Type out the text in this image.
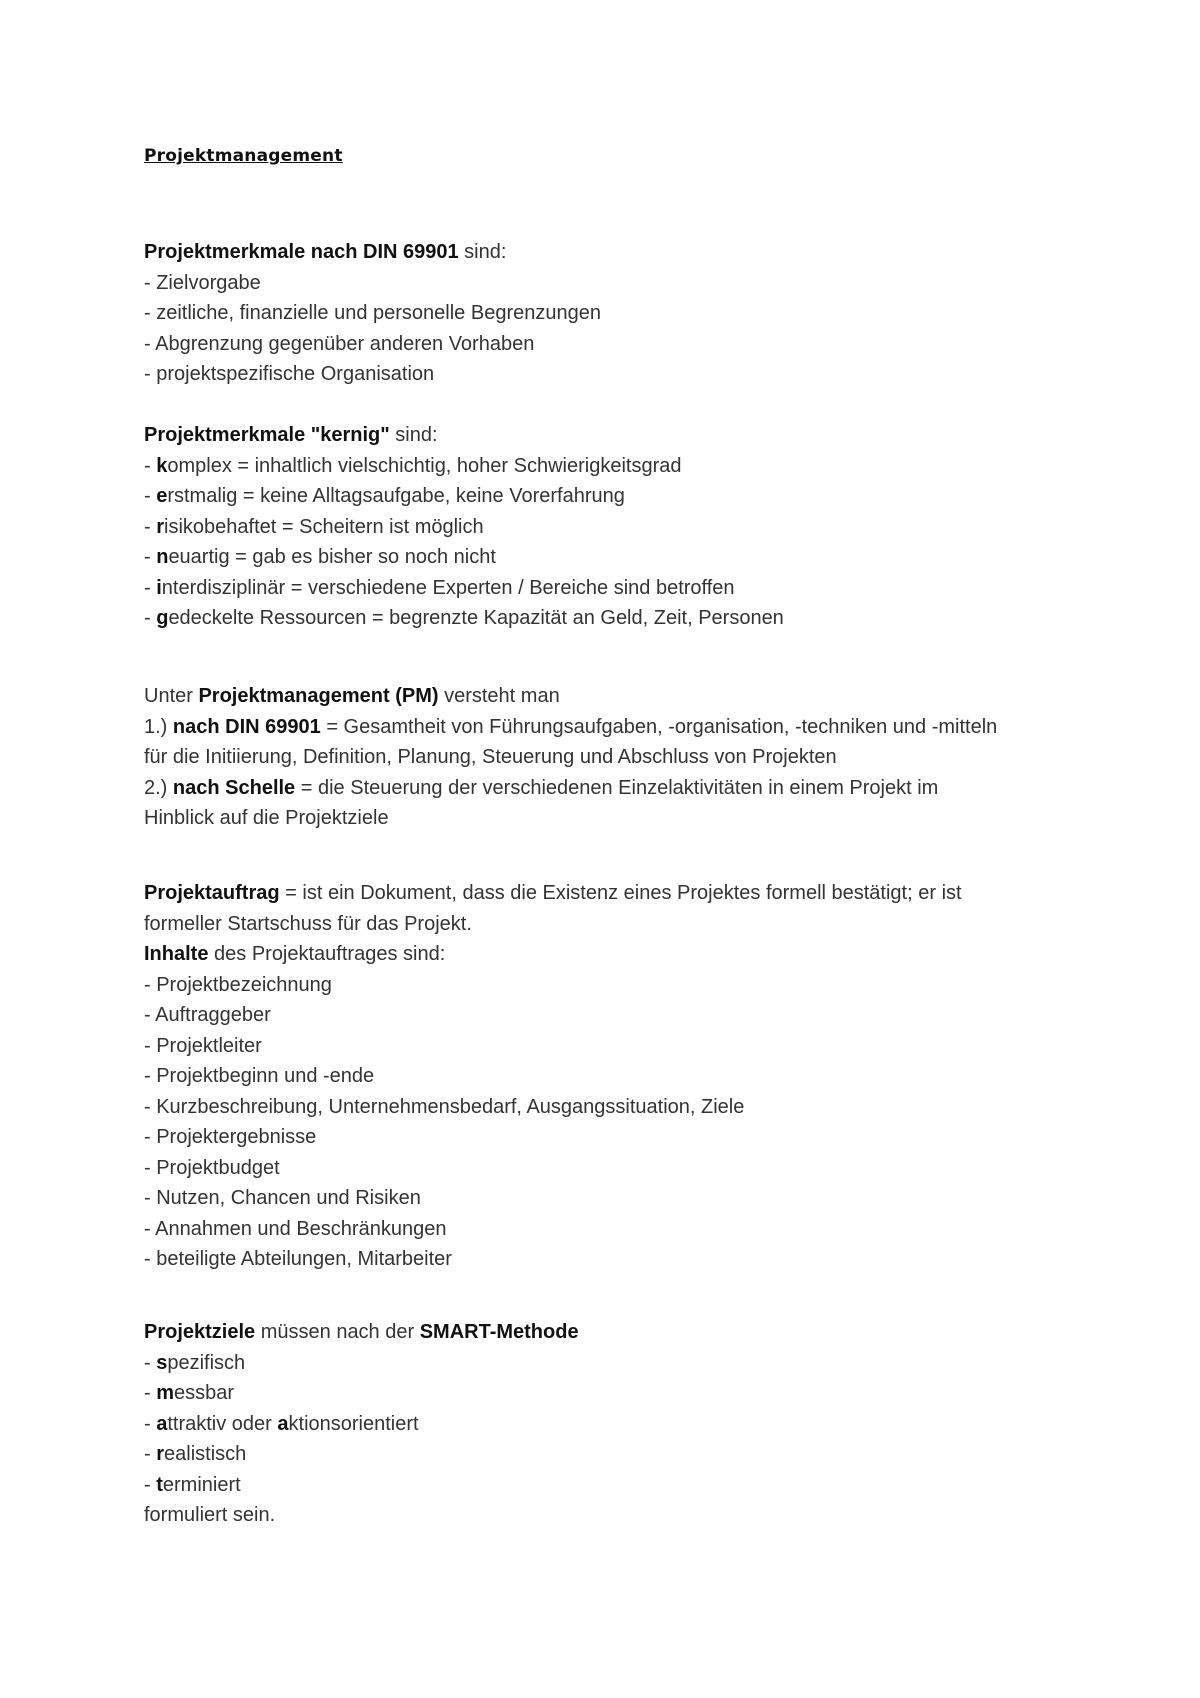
Projektmanagement
Projektmerkmale nach DIN 69901 sind:
- Zielvorgabe
- zeitliche, finanzielle und personelle Begrenzungen
- Abgrenzung gegenüber anderen Vorhaben
- projektspezifische Organisation
Projektmerkmale "kernig" sind:
- komplex = inhaltlich vielschichtig, hoher Schwierigkeitsgrad
- erstmalig = keine Alltagsaufgabe, keine Vorerfahrung
- risikobehaftet = Scheitern ist möglich
- neuartig = gab es bisher so noch nicht
- interdisziplinär = verschiedene Experten / Bereiche sind betroffen
- gedeckelte Ressourcen = begrenzte Kapazität an Geld, Zeit, Personen
Unter Projektmanagement (PM) versteht man
1.) nach DIN 69901 = Gesamtheit von Führungsaufgaben, -organisation, -techniken und -mitteln
für die Initiierung, Definition, Planung, Steuerung und Abschluss von Projekten
2.) nach Schelle = die Steuerung der verschiedenen Einzelaktivitäten in einem Projekt im
Hinblick auf die Projektziele
Projektauftrag = ist ein Dokument, dass die Existenz eines Projektes formell bestätigt; er ist
formeller Startschuss für das Projekt.
Inhalte des Projektauftrages sind:
- Projektbezeichnung
- Auftraggeber
- Projektleiter
- Projektbeginn und -ende
- Kurzbeschreibung, Unternehmensbedarf, Ausgangssituation, Ziele
- Projektergebnisse
- Projektbudget
- Nutzen, Chancen und Risiken
- Annahmen und Beschränkungen
- beteiligte Abteilungen, Mitarbeiter
Projektziele müssen nach der SMART-Methode
- spezifisch
- messbar
- attraktiv oder aktionsorientiert
- realistisch
- terminiert
formuliert sein.
